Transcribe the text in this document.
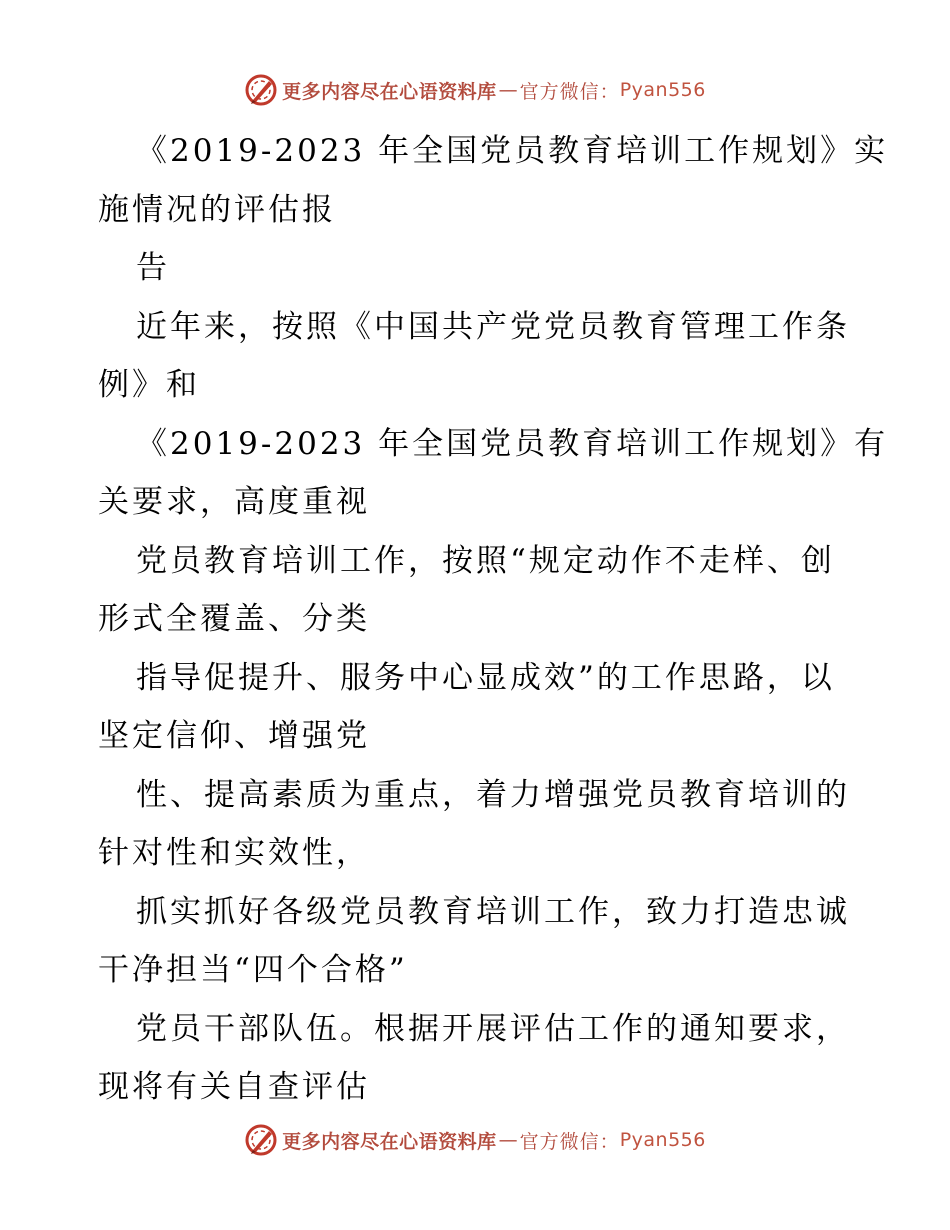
更多内容尽在心语资料库 — 官方微信： Pyan556
《2019-2023 年全国党员教育培训工作规划》实
施情况的评估报
告
近年来，按照《中国共产党党员教育管理工作条
例》和
《2019-2023 年全国党员教育培训工作规划》有
关要求，高度重视
党员教育培训工作，按照“规定动作不走样、创
形式全覆盖、分类
指导促提升、服务中心显成效”的工作思路，以
坚定信仰、增强党
性、提高素质为重点，着力增强党员教育培训的
针对性和实效性，
抓实抓好各级党员教育培训工作，致力打造忠诚
干净担当“四个合格”
党员干部队伍。根据开展评估工作的通知要求，
现将有关自查评估
更多内容尽在心语资料库 — 官方微信： Pyan556
